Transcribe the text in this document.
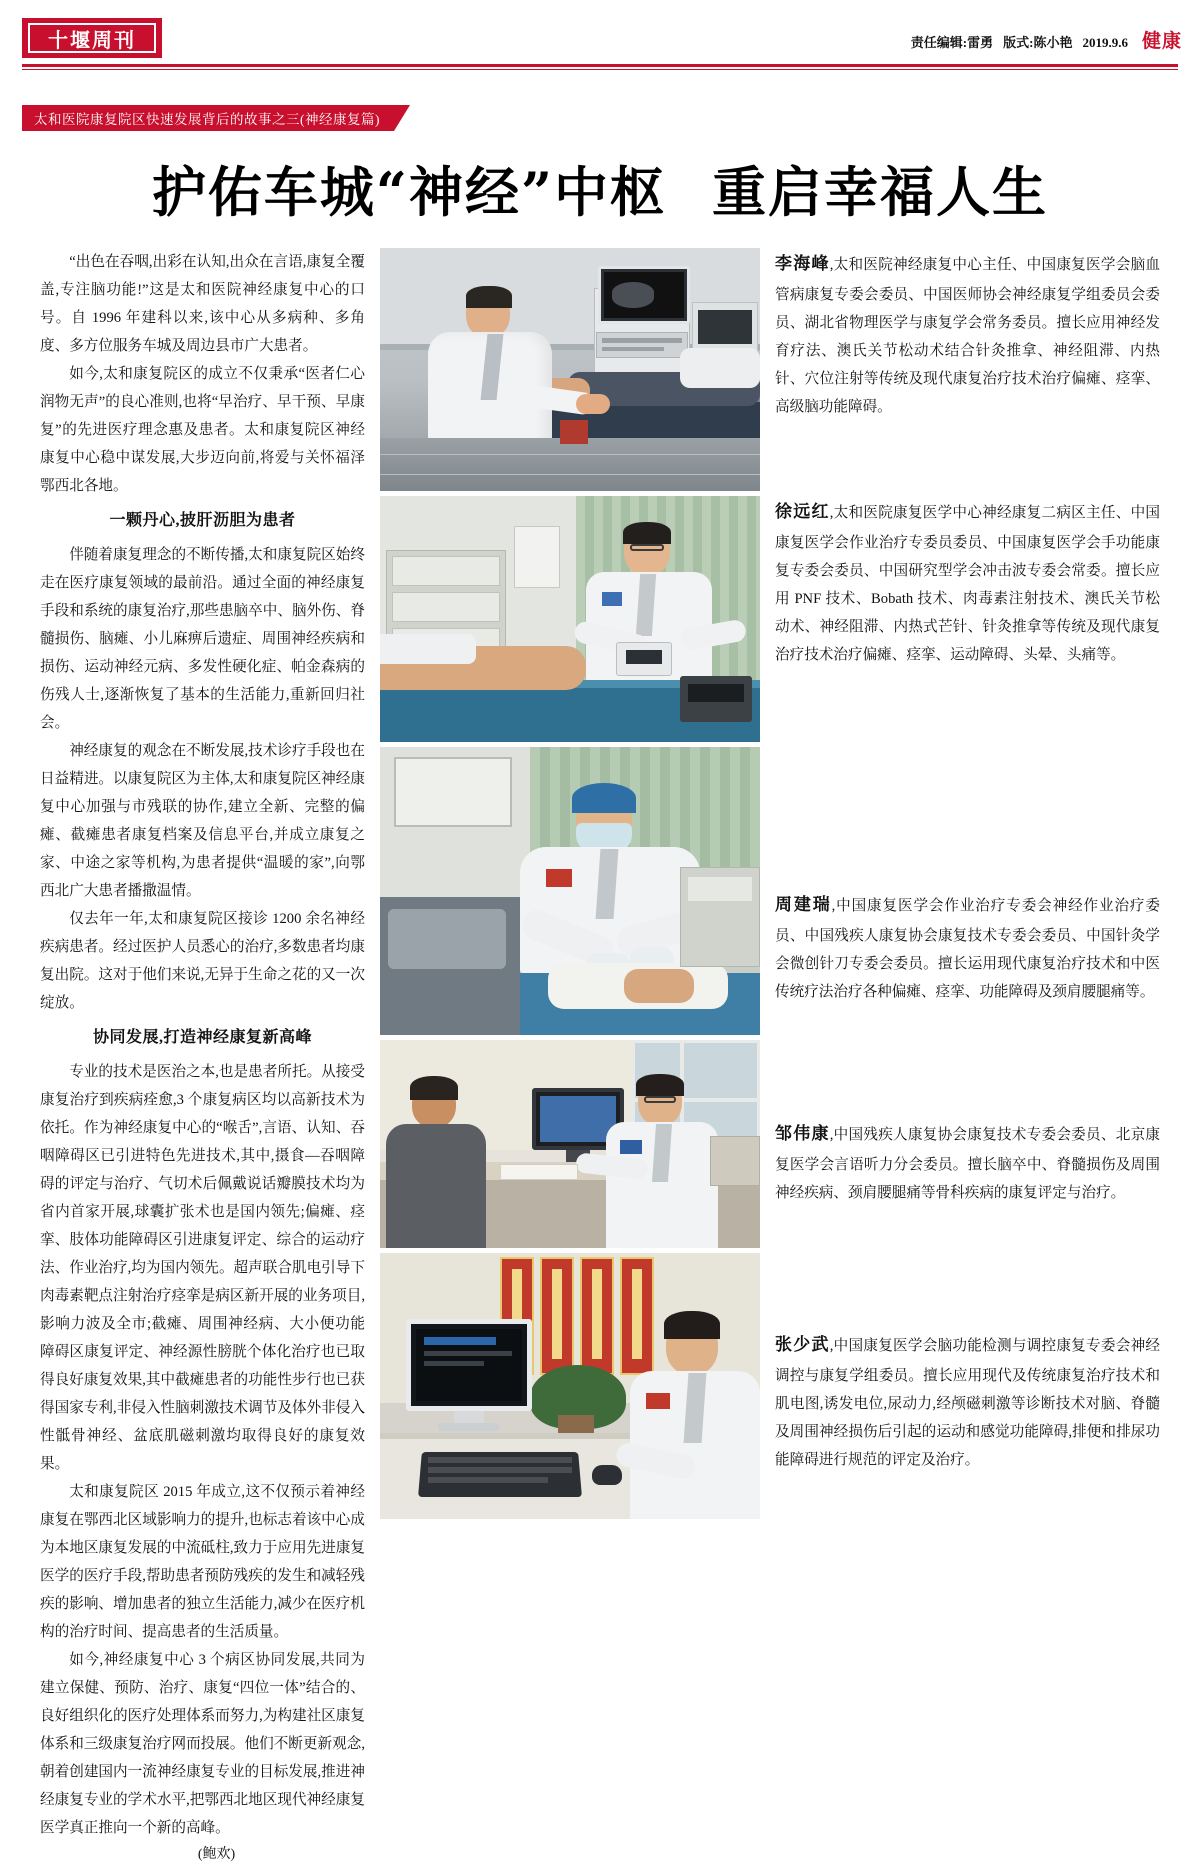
十堰周刊	责任编辑:雷勇 版式:陈小艳 2019.9.6 健康
太和医院康复院区快速发展背后的故事之三(神经康复篇)
护佑车城“神经”中枢 重启幸福人生

“出色在吞咽,出彩在认知,出众在言语,康复全覆盖,专注脑功能!”这是太和医院神经康复中心的口号。自 1996 年建科以来,该中心从多病种、多角度、多方位服务车城及周边县市广大患者。

如今,太和康复院区的成立不仅秉承“医者仁心 润物无声”的良心准则,也将“早治疗、早干预、早康复”的先进医疗理念惠及患者。太和康复院区神经康复中心稳中谋发展,大步迈向前,将爱与关怀福泽鄂西北各地。

一颗丹心,披肝沥胆为患者

伴随着康复理念的不断传播,太和康复院区始终走在医疗康复领域的最前沿。通过全面的神经康复手段和系统的康复治疗,那些患脑卒中、脑外伤、脊髓损伤、脑瘫、小儿麻痹后遗症、周围神经疾病和损伤、运动神经元病、多发性硬化症、帕金森病的伤残人士,逐渐恢复了基本的生活能力,重新回归社会。

神经康复的观念在不断发展,技术诊疗手段也在日益精进。以康复院区为主体,太和康复院区神经康复中心加强与市残联的协作,建立全新、完整的偏瘫、截瘫患者康复档案及信息平台,并成立康复之家、中途之家等机构,为患者提供“温暖的家”,向鄂西北广大患者播撒温情。

仅去年一年,太和康复院区接诊 1200 余名神经疾病患者。经过医护人员悉心的治疗,多数患者均康复出院。这对于他们来说,无异于生命之花的又一次绽放。

协同发展,打造神经康复新高峰

专业的技术是医治之本,也是患者所托。从接受康复治疗到疾病痊愈,3 个康复病区均以高新技术为依托。作为神经康复中心的“喉舌”,言语、认知、吞咽障碍区已引进特色先进技术,其中,摄食—吞咽障碍的评定与治疗、气切术后佩戴说话瓣膜技术均为省内首家开展,球囊扩张术也是国内领先;偏瘫、痉挛、肢体功能障碍区引进康复评定、综合的运动疗法、作业治疗,均为国内领先。超声联合肌电引导下肉毒素靶点注射治疗痉挛是病区新开展的业务项目,影响力波及全市;截瘫、周围神经病、大小便功能障碍区康复评定、神经源性膀胱个体化治疗也已取得良好康复效果,其中截瘫患者的功能性步行也已获得国家专利,非侵入性脑刺激技术调节及体外非侵入性骶骨神经、盆底肌磁刺激均取得良好的康复效果。

太和康复院区 2015 年成立,这不仅预示着神经康复在鄂西北区域影响力的提升,也标志着该中心成为本地区康复发展的中流砥柱,致力于应用先进康复医学的医疗手段,帮助患者预防残疾的发生和减轻残疾的影响、增加患者的独立生活能力,减少在医疗机构的治疗时间、提高患者的生活质量。

如今,神经康复中心 3 个病区协同发展,共同为建立保健、预防、治疗、康复“四位一体”结合的、良好组织化的医疗处理体系而努力,为构建社区康复体系和三级康复治疗网而投展。他们不断更新观念,朝着创建国内一流神经康复专业的目标发展,推进神经康复专业的学术水平,把鄂西北地区现代神经康复医学真正推向一个新的高峰。

(鲍欢)

李海峰,太和医院神经康复中心主任、中国康复医学会脑血管病康复专委会委员、中国医师协会神经康复学组委员会委员、湖北省物理医学与康复学会常务委员。擅长应用神经发育疗法、澳氏关节松动术结合针灸推拿、神经阻滞、内热针、穴位注射等传统及现代康复治疗技术治疗偏瘫、痉挛、高级脑功能障碍。
徐远红,太和医院康复医学中心神经康复二病区主任、中国康复医学会作业治疗专委员委员、中国康复医学会手功能康复专委会委员、中国研究型学会冲击波专委会常委。擅长应用 PNF 技术、Bobath 技术、肉毒素注射技术、澳氏关节松动术、神经阻滞、内热式芒针、针灸推拿等传统及现代康复治疗技术治疗偏瘫、痉挛、运动障碍、头晕、头痛等。
周建瑞,中国康复医学会作业治疗专委会神经作业治疗委员、中国残疾人康复协会康复技术专委会委员、中国针灸学会微创针刀专委会委员。擅长运用现代康复治疗技术和中医传统疗法治疗各种偏瘫、痉挛、功能障碍及颈肩腰腿痛等。
邹伟康,中国残疾人康复协会康复技术专委会委员、北京康复医学会言语听力分会委员。擅长脑卒中、脊髓损伤及周围神经疾病、颈肩腰腿痛等骨科疾病的康复评定与治疗。
张少武,中国康复医学会脑功能检测与调控康复专委会神经调控与康复学组委员。擅长应用现代及传统康复治疗技术和肌电图,诱发电位,尿动力,经颅磁刺激等诊断技术对脑、脊髓及周围神经损伤后引起的运动和感觉功能障碍,排便和排尿功能障碍进行规范的评定及治疗。
